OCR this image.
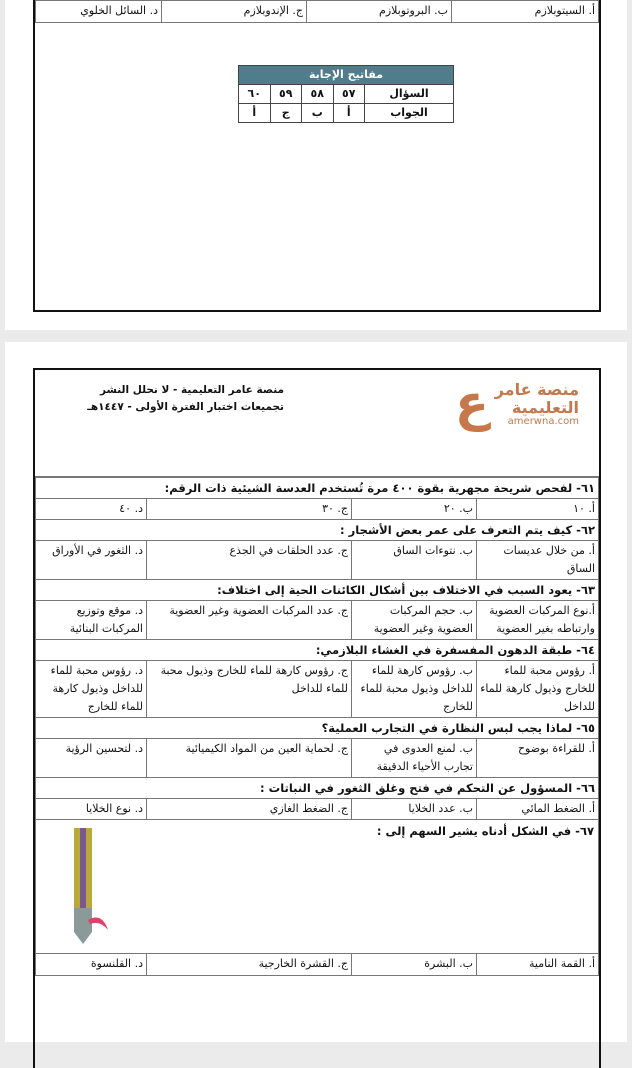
أ. السيتوبلازم	ب. البروتوبلازم	ج. الإندوبلازم	د. السائل الخلوي
مفاتيح الإجابة				
السؤال	٥٧	٥٨	٥٩	٦٠
الجواب	أ	ب	ج	أ
ع منصة عامر
التعليمية
amerwna.com
منصة عامر التعليمية - لا نحلل النشر
تجميعات اختبار الفترة الأولى - ١٤٤٧هـ
٦١- لفحص شريحة مجهرية بقوة ٤٠٠ مرة تُستخدم العدسة الشيئية ذات الرقم:			
أ. ١٠	ب. ٢٠	ج. ٣٠	د. ٤٠
٦٢- كيف يتم التعرف على عمر بعض الأشجار :			
أ. من خلال عديسات الساق	ب. نتوءات الساق	ج. عدد الحلقات في الجذع	د. الثغور في الأوراق
٦٣- يعود السبب في الاختلاف بين أشكال الكائنات الحية إلى اختلاف:			
أ.نوع المركبات العضوية وارتباطه بغير العضوية	ب. حجم المركبات العضوية وغير العضوية	ج. عدد المركبات العضوية وغير العضوية	د. موقع وتوزيع المركبات البنائية
٦٤- طبقة الدهون المفسفرة في الغشاء البلازمي:			
أ. رؤوس محبة للماء للخارج وذيول كارهة للماء للداخل	ب. رؤوس كارهة للماء للداخل وذيول محبة للماء للخارج	ج. رؤوس كارهة للماء للخارج وذيول محبة للماء للداخل	د. رؤوس محبة للماء للداخل وذيول كارهة للماء للخارج
٦٥- لماذا يجب لبس النظارة في التجارب العملية؟			
أ. للقراءة بوضوح	ب. لمنع العدوى في تجارب الأحياء الدقيقة	ج. لحماية العين من المواد الكيميائية	د. لتحسين الرؤية
٦٦- المسؤول عن التحكم في فتح وغلق الثغور في النباتات :			
أ. الضغط المائي	ب. عدد الخلايا	ج. الضغط الغازي	د. نوع الخلايا

٦٧- في الشكل أدناه يشير السهم إلى :			

أ. القمة النامية	ب. البشرة	ج. القشرة الخارجية	د. القلنسوة
